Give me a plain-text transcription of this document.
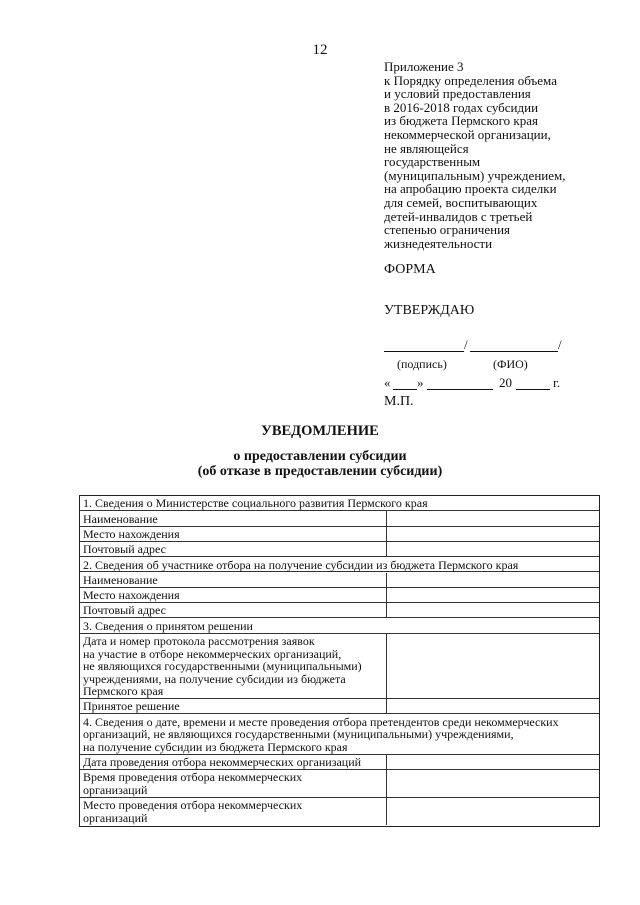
12
Приложение 3
к Порядку определения объема
и условий предоставления
в 2016-2018 годах субсидии
из бюджета Пермского края
некоммерческой организации,
не являющейся
государственным
(муниципальным) учреждением,
на апробацию проекта сиделки
для семей, воспитывающих
детей-инвалидов с третьей
степенью ограничения
жизнедеятельности
ФОРМА
УТВЕРЖДАЮ
/	/
(подпись)	(ФИО)
« »	20	г.
М.П.
УВЕДОМЛЕНИЕ
о предоставлении субсидии
(об отказе в предоставлении субсидии)
1. Сведения о Министерстве социального развития Пермского края
Наименование
Место нахождения
Почтовый адрес
2. Сведения об участнике отбора на получение субсидии из бюджета Пермского края
Наименование
Место нахождения
Почтовый адрес
3. Сведения о принятом решении
Дата и номер протокола рассмотрения заявок
на участие в отборе некоммерческих организаций,
не являющихся государственными (муниципальными)
учреждениями, на получение субсидии из бюджета
Пермского края
Принятое решение
4. Сведения о дате, времени и месте проведения отбора претендентов среди некоммерческих
организаций, не являющихся государственными (муниципальными) учреждениями,
на получение субсидии из бюджета Пермского края
Дата проведения отбора некоммерческих организаций
Время проведения отбора некоммерческих
организаций
Место проведения отбора некоммерческих
организаций
